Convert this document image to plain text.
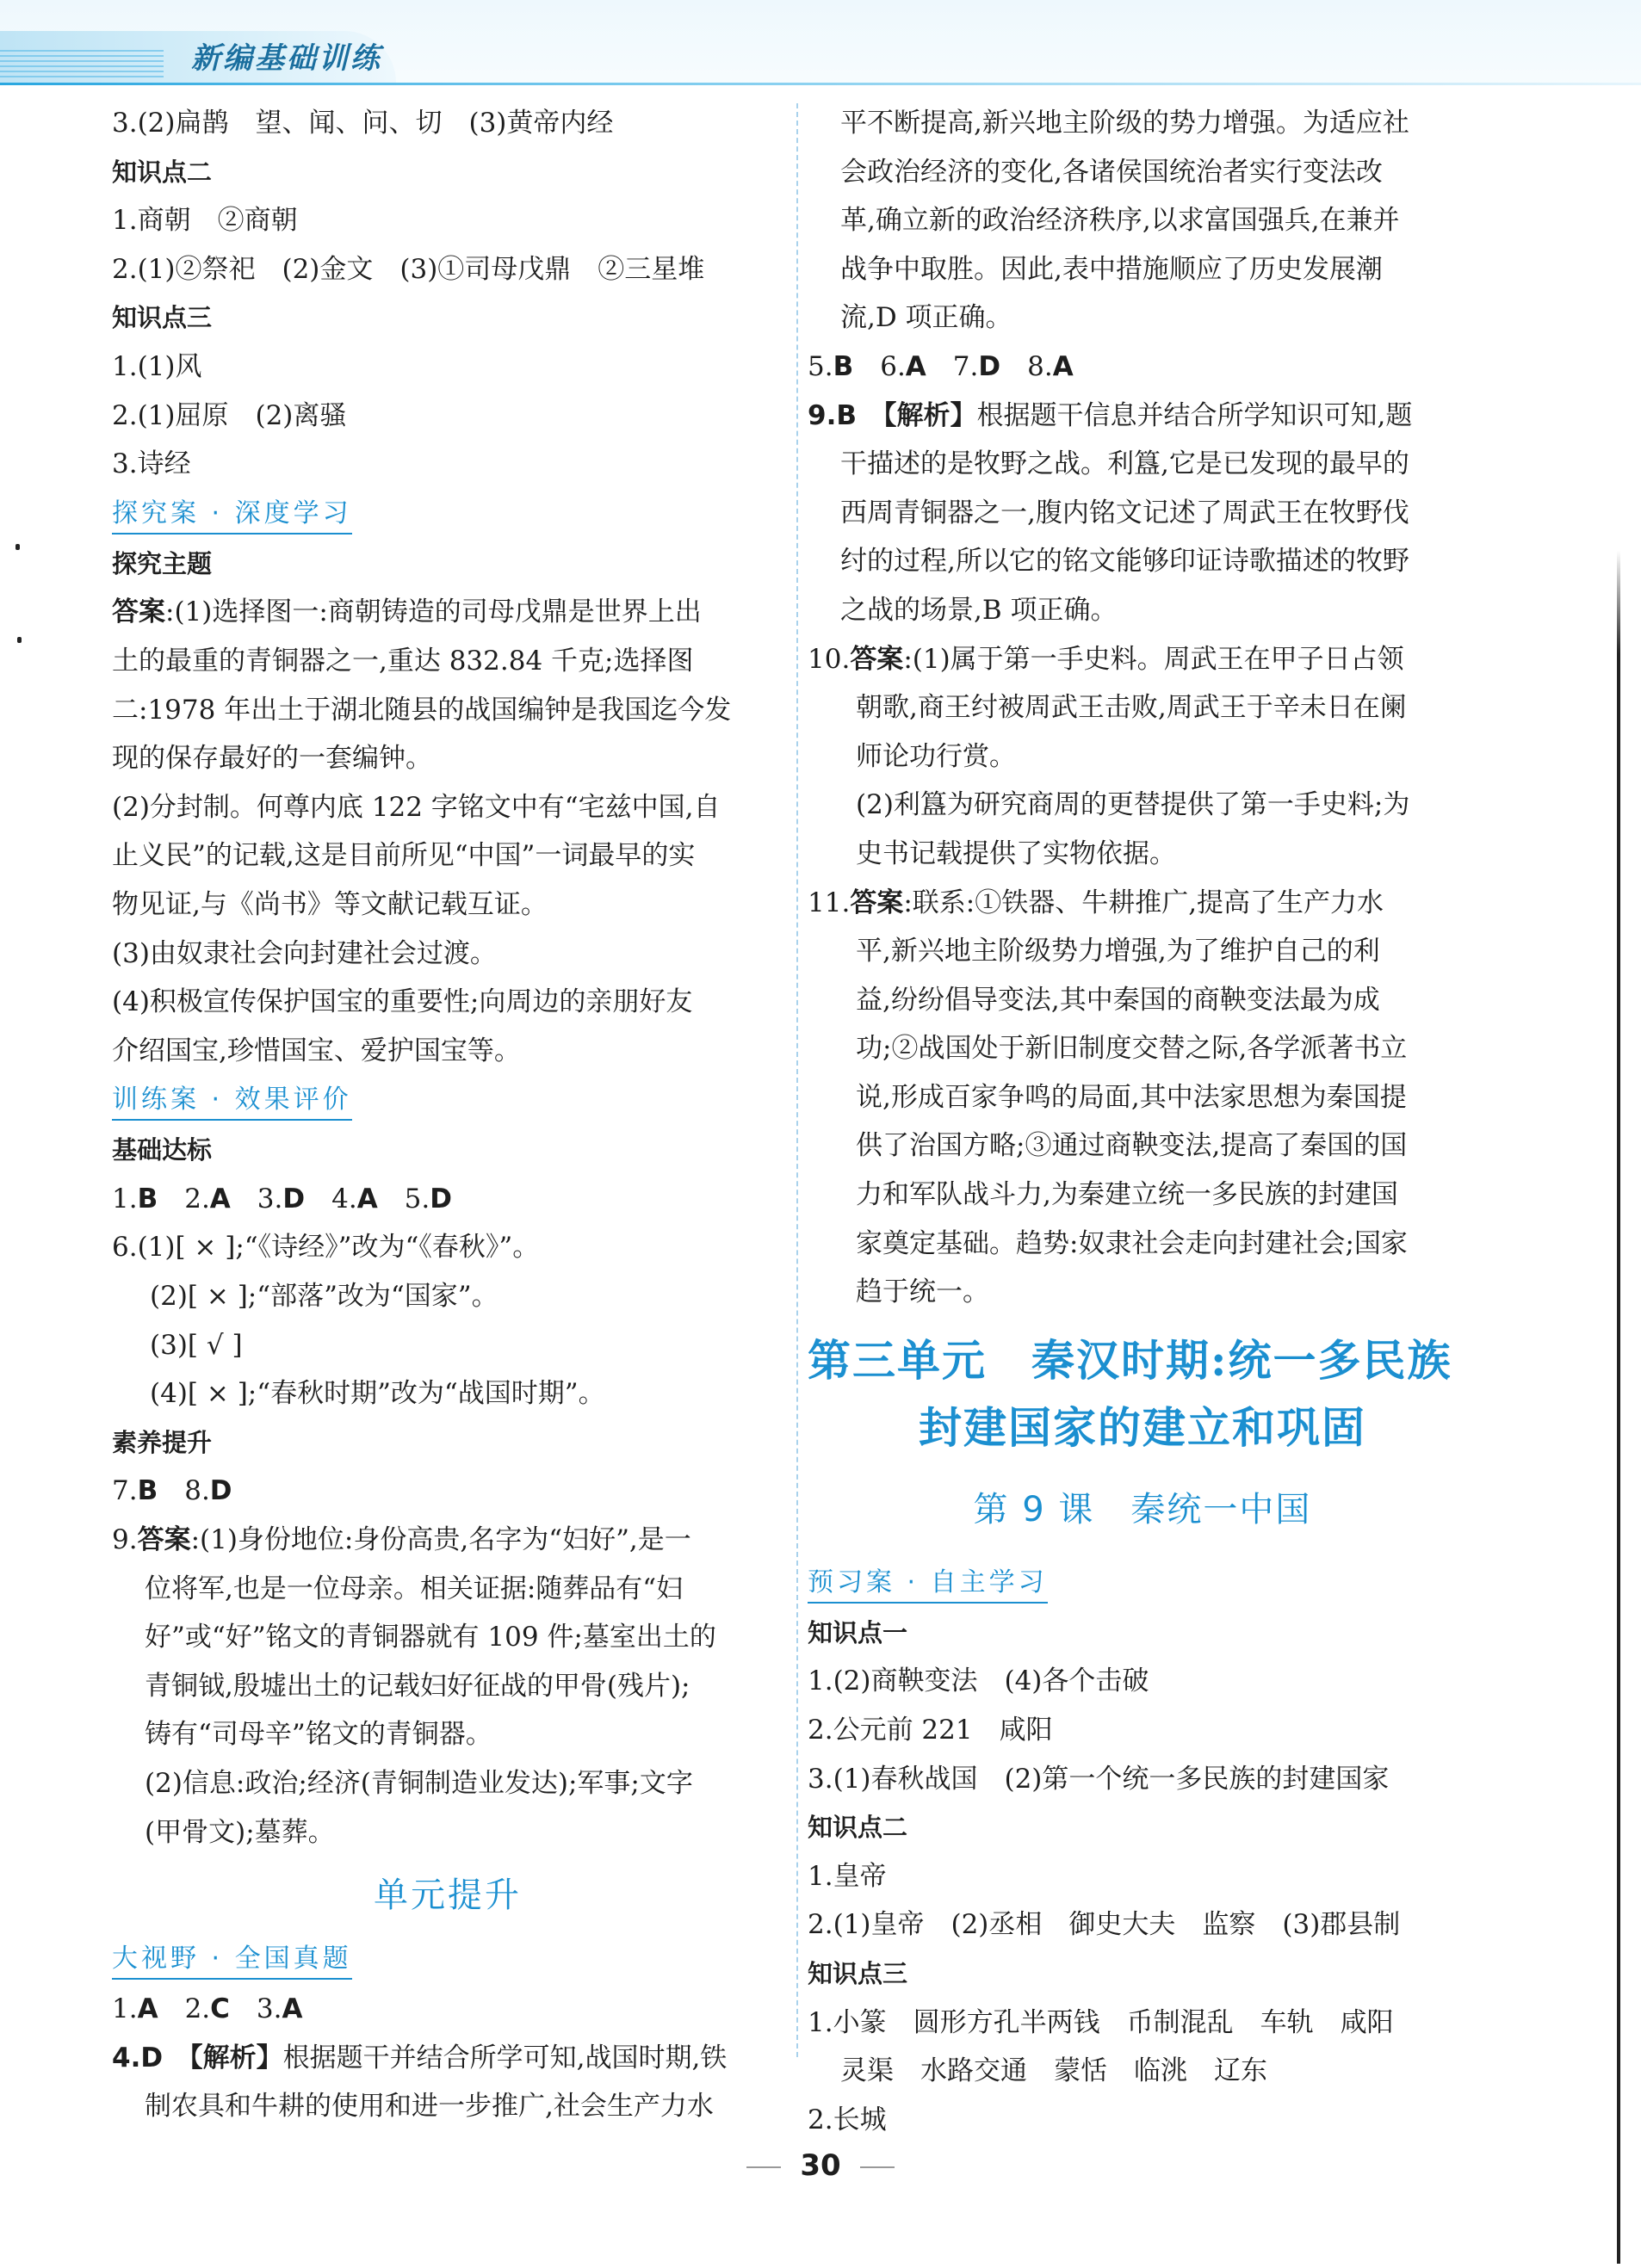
新编基础训练
3.(2)扁鹊　望、闻、问、切　(3)黄帝内经
知识点二
1.商朝　②商朝
2.(1)②祭祀　(2)金文　(3)①司母戊鼎　②三星堆
知识点三
1.(1)风
2.(1)屈原　(2)离骚
3.诗经
探究案 · 深度学习
探究主题
答案:(1)选择图一:商朝铸造的司母戊鼎是世界上出
土的最重的青铜器之一,重达 832.84 千克;选择图
二:1978 年出土于湖北随县的战国编钟是我国迄今发
现的保存最好的一套编钟。
(2)分封制。何尊内底 122 字铭文中有“宅兹中国,自
止义民”的记载,这是目前所见“中国”一词最早的实
物见证,与《尚书》等文献记载互证。
(3)由奴隶社会向封建社会过渡。
(4)积极宣传保护国宝的重要性;向周边的亲朋好友
介绍国宝,珍惜国宝、爱护国宝等。
训练案 · 效果评价
基础达标
1.B　2.A　3.D　4.A　5.D
6.(1)[ × ];“《诗经》”改为“《春秋》”。
(2)[ × ];“部落”改为“国家”。
(3)[ √ ]
(4)[ × ];“春秋时期”改为“战国时期”。
素养提升
7.B　8.D
9.答案:(1)身份地位:身份高贵,名字为“妇好”,是一
位将军,也是一位母亲。相关证据:随葬品有“妇
好”或“好”铭文的青铜器就有 109 件;墓室出土的
青铜钺,殷墟出土的记载妇好征战的甲骨(残片);
铸有“司母辛”铭文的青铜器。
(2)信息:政治;经济(青铜制造业发达);军事;文字
(甲骨文);墓葬。
单元提升
大视野 · 全国真题
1.A　2.C　3.A
4.D　【解析】根据题干并结合所学可知,战国时期,铁
制农具和牛耕的使用和进一步推广,社会生产力水
平不断提高,新兴地主阶级的势力增强。为适应社
会政治经济的变化,各诸侯国统治者实行变法改
革,确立新的政治经济秩序,以求富国强兵,在兼并
战争中取胜。因此,表中措施顺应了历史发展潮
流,D 项正确。
5.B　6.A　7.D　8.A
9.B　【解析】根据题干信息并结合所学知识可知,题
干描述的是牧野之战。利簋,它是已发现的最早的
西周青铜器之一,腹内铭文记述了周武王在牧野伐
纣的过程,所以它的铭文能够印证诗歌描述的牧野
之战的场景,B 项正确。
10.答案:(1)属于第一手史料。周武王在甲子日占领
朝歌,商王纣被周武王击败,周武王于辛未日在阑
师论功行赏。
(2)利簋为研究商周的更替提供了第一手史料;为
史书记载提供了实物依据。
11.答案:联系:①铁器、牛耕推广,提高了生产力水
平,新兴地主阶级势力增强,为了维护自己的利
益,纷纷倡导变法,其中秦国的商鞅变法最为成
功;②战国处于新旧制度交替之际,各学派著书立
说,形成百家争鸣的局面,其中法家思想为秦国提
供了治国方略;③通过商鞅变法,提高了秦国的国
力和军队战斗力,为秦建立统一多民族的封建国
家奠定基础。趋势:奴隶社会走向封建社会;国家
趋于统一。
第三单元　秦汉时期:统一多民族
封建国家的建立和巩固
第 9 课　秦统一中国
预习案 · 自主学习
知识点一
1.(2)商鞅变法　(4)各个击破
2.公元前 221　咸阳
3.(1)春秋战国　(2)第一个统一多民族的封建国家
知识点二
1.皇帝
2.(1)皇帝　(2)丞相　御史大夫　监察　(3)郡县制
知识点三
1.小篆　圆形方孔半两钱　币制混乱　车轨　咸阳
灵渠　水路交通　蒙恬　临洮　辽东
2.长城
30
